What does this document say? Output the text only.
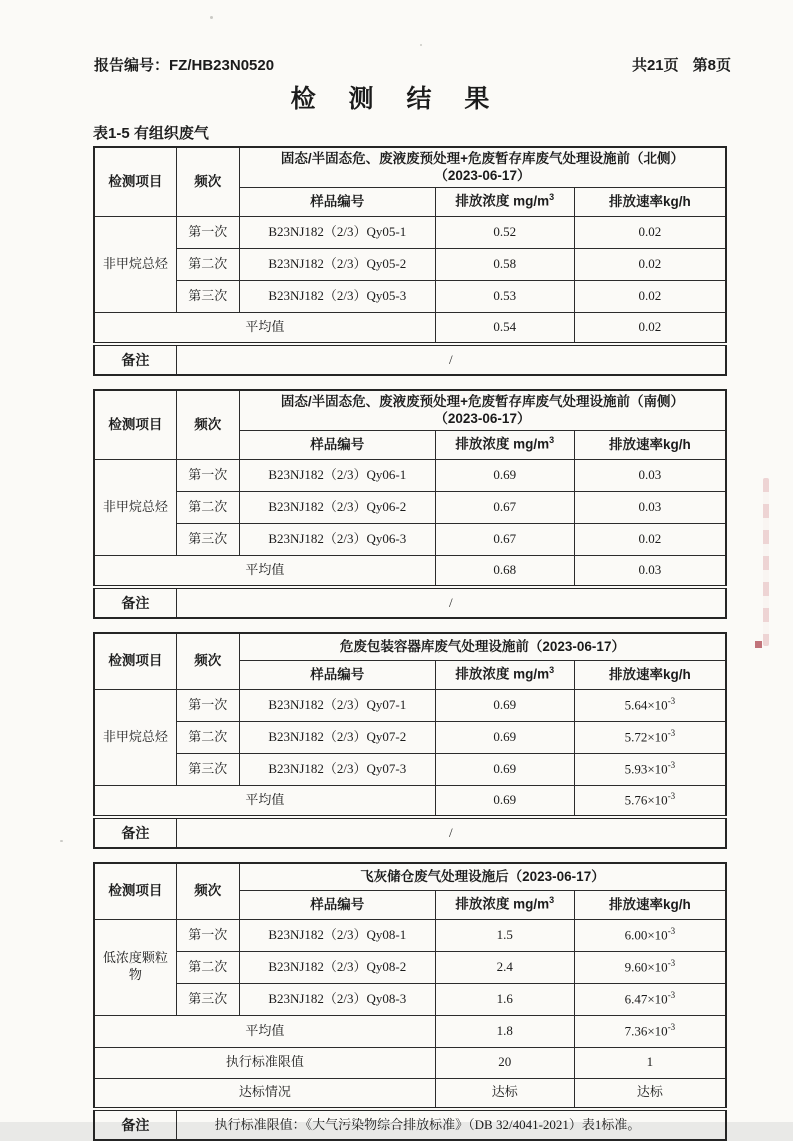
报告编号：FZ/HB23N0520	共21页 第8页
检 测 结 果
表1-5 有组织废气
检测项目	频次	固态/半固态危、废液废预处理+危废暂存库废气处理设施前（北侧）
（2023-06-17）		

		样品编号	排放浓度 $mg/m^3$	排放速率kg/h
非甲烷总烃	第一次	B23NJ182（2/3）Qy05-1	0.52	0.02
	第二次	B23NJ182（2/3）Qy05-2	0.58	0.02
	第三次	B23NJ182（2/3）Qy05-3	0.53	0.02
平均值			0.54	0.02
备注	/			
检测项目	频次	固态/半固态危、废液废预处理+危废暂存库废气处理设施前（南侧）
（2023-06-17）		

		样品编号	排放浓度 $mg/m^3$	排放速率kg/h
非甲烷总烃	第一次	B23NJ182（2/3）Qy06-1	0.69	0.03
	第二次	B23NJ182（2/3）Qy06-2	0.67	0.03
	第三次	B23NJ182（2/3）Qy06-3	0.67	0.02
平均值			0.68	0.03
备注	/			
检测项目	频次	危废包装容器库废气处理设施前（2023-06-17）		

		样品编号	排放浓度 $mg/m^3$	排放速率kg/h
非甲烷总烃	第一次	B23NJ182（2/3）Qy07-1	0.69	$5.64\times 10^{-3}$
	第二次	B23NJ182（2/3）Qy07-2	0.69	$5.72\times 10^{-3}$
	第三次	B23NJ182（2/3）Qy07-3	0.69	$5.93\times 10^{-3}$
平均值			0.69	$5.76\times 10^{-3}$
备注	/			
检测项目	频次	飞灰储仓废气处理设施后（2023-06-17）		

		样品编号	排放浓度 $mg/m^3$	排放速率kg/h
低浓度颗粒物	第一次	B23NJ182（2/3）Qy08-1	1.5	$6.00\times 10^{-3}$
	第二次	B23NJ182（2/3）Qy08-2	2.4	$9.60\times 10^{-3}$
	第三次	B23NJ182（2/3）Qy08-3	1.6	$6.47\times 10^{-3}$
平均值			1.8	$7.36\times 10^{-3}$
执行标准限值			20	1
达标情况			达标	达标
备注	执行标准限值：《大气污染物综合排放标准》（DB 32/4041-2021）表1标准。			
